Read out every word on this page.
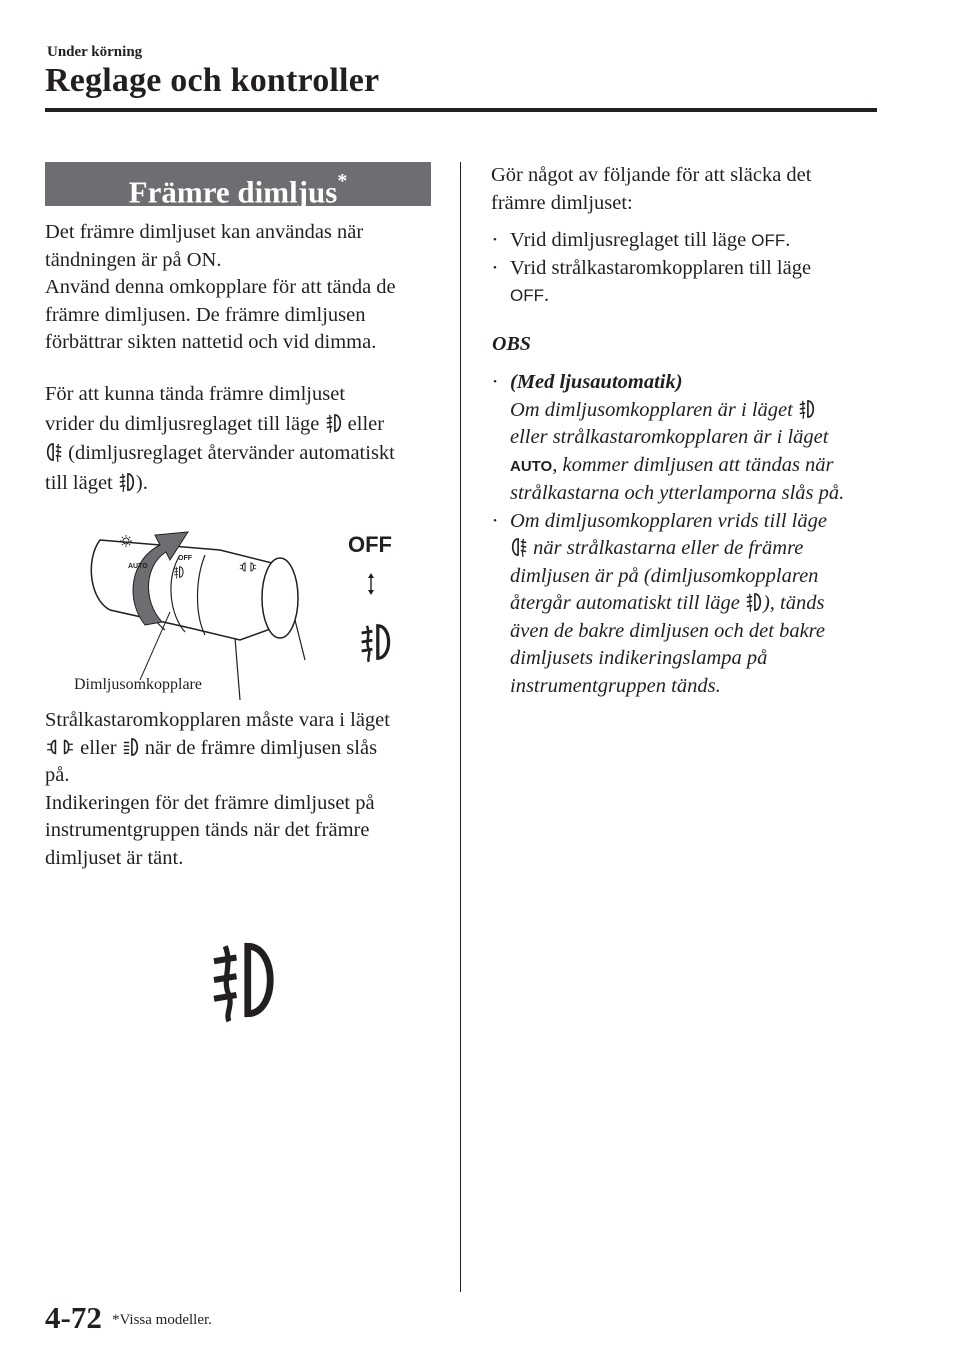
Under körning
Reglage och kontroller
Främre dimljus*
Det främre dimljuset kan användas när
tändningen är på ON.
Använd denna omkopplare för att tända de
främre dimljusen. De främre dimljusen
förbättrar sikten nattetid och vid dimma.
För att kunna tända främre dimljuset
vrider du dimljusreglaget till läge eller
(dimljusreglaget återvänder automatiskt
till läget ).
OFF
AUTO
OFF
Dimljusomkopplare
Strålkastaromkopplaren måste vara i läget
eller när de främre dimljusen slås
på.
Indikeringen för det främre dimljuset på
instrumentgruppen tänds när det främre
dimljuset är tänt.
Gör något av följande för att släcka det
främre dimljuset:
• Vrid dimljusreglaget till läge OFF.
• Vrid strålkastaromkopplaren till läge
OFF.
OBS
• (Med ljusautomatik)
Om dimljusomkopplaren är i läget
eller strålkastaromkopplaren är i läget
AUTO, kommer dimljusen att tändas när
strålkastarna och ytterlamporna slås på.
• Om dimljusomkopplaren vrids till läge
när strålkastarna eller de främre
dimljusen är på (dimljusomkopplaren
återgår automatiskt till läge ), tänds
även de bakre dimljusen och det bakre
dimljusets indikeringslampa på
instrumentgruppen tänds.
4-72 *Vissa modeller.
